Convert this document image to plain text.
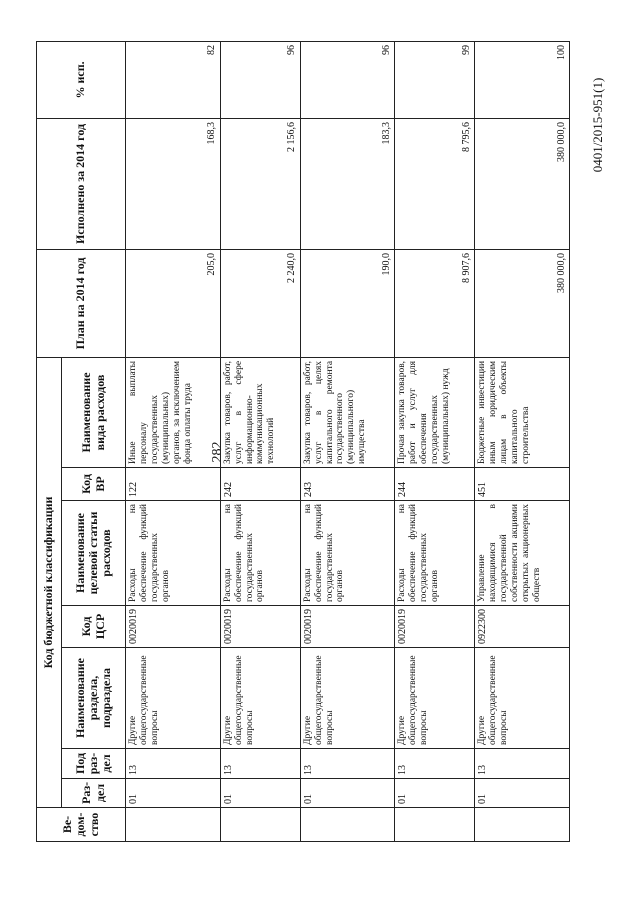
282
0401/2015-951(1)
Ве-дом-ство	Код бюджетной классификации							План на 2014 год	Исполнено за 2014 год	% исп.
	Раз-дел	Под раз-дел	Наименование раздела, подраздела	Код ЦСР	Наименование целевой статьи расходов	Код ВР	Наименование вида расходов			
	01	13	Другие общегосударственные вопросы	0020019	Расходы на обеспечение функций государственных органов	122	Иные выплаты персоналу государственных (муниципальных) органов, за исключением фонда оплаты труда	205,0	168,3	82
	01	13	Другие общегосударственные вопросы	0020019	Расходы на обеспечение функций государственных органов	242	Закупка товаров, работ, услуг в сфере информационно-коммуникационных технологий	2 240,0	2 156,6	96
	01	13	Другие общегосударственные вопросы	0020019	Расходы на обеспечение функций государственных органов	243	Закупка товаров, работ, услуг в целях капитального ремонта государственного (муниципального) имущества	190,0	183,3	96
	01	13	Другие общегосударственные вопросы	0020019	Расходы на обеспечение функций государственных органов	244	Прочая закупка товаров, работ и услуг для обеспечения государственных (муниципальных) нужд	8 907,6	8 795,6	99
	01	13	Другие общегосударственные вопросы	0922300	Управление находящимися в государственной собственности акциями открытых акционерных обществ	451	Бюджетные инвестиции иным юридическим лицам в объекты капитального строительства	380 000,0	380 000,0	100
